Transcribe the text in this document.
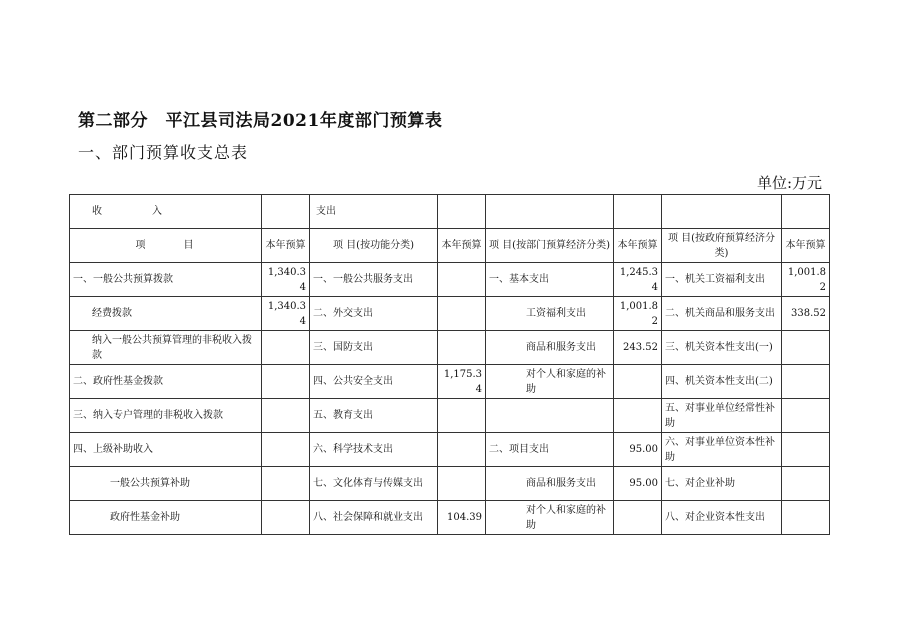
第二部分　平江县司法局2021年度部门预算表
一、部门预算收支总表
单位:万元
收　　　　　入		支出					
项　　　目	本年预算	项 目(按功能分类)	本年预算	项 目(按部门预算经济分类)	本年预算	项 目(按政府预算经济分类)	本年预算
一、一般公共预算拨款	1,340.34	一、一般公共服务支出		一、基本支出	1,245.34	一、机关工资福利支出	1,001.82
经费拨款	1,340.34	二、外交支出		工资福利支出	1,001.82	二、机关商品和服务支出	338.52
纳入一般公共预算管理的非税收入拨款		三、国防支出		商品和服务支出	243.52	三、机关资本性支出(一)	
二、政府性基金拨款		四、公共安全支出	1,175.34	对个人和家庭的补助		四、机关资本性支出(二)	
三、纳入专户管理的非税收入拨款		五、教育支出				五、对事业单位经常性补助	
四、上级补助收入		六、科学技术支出		二、项目支出	95.00	六、对事业单位资本性补助	
一般公共预算补助		七、文化体育与传媒支出		商品和服务支出	95.00	七、对企业补助	
政府性基金补助		八、社会保障和就业支出	104.39	对个人和家庭的补助		八、对企业资本性支出	
